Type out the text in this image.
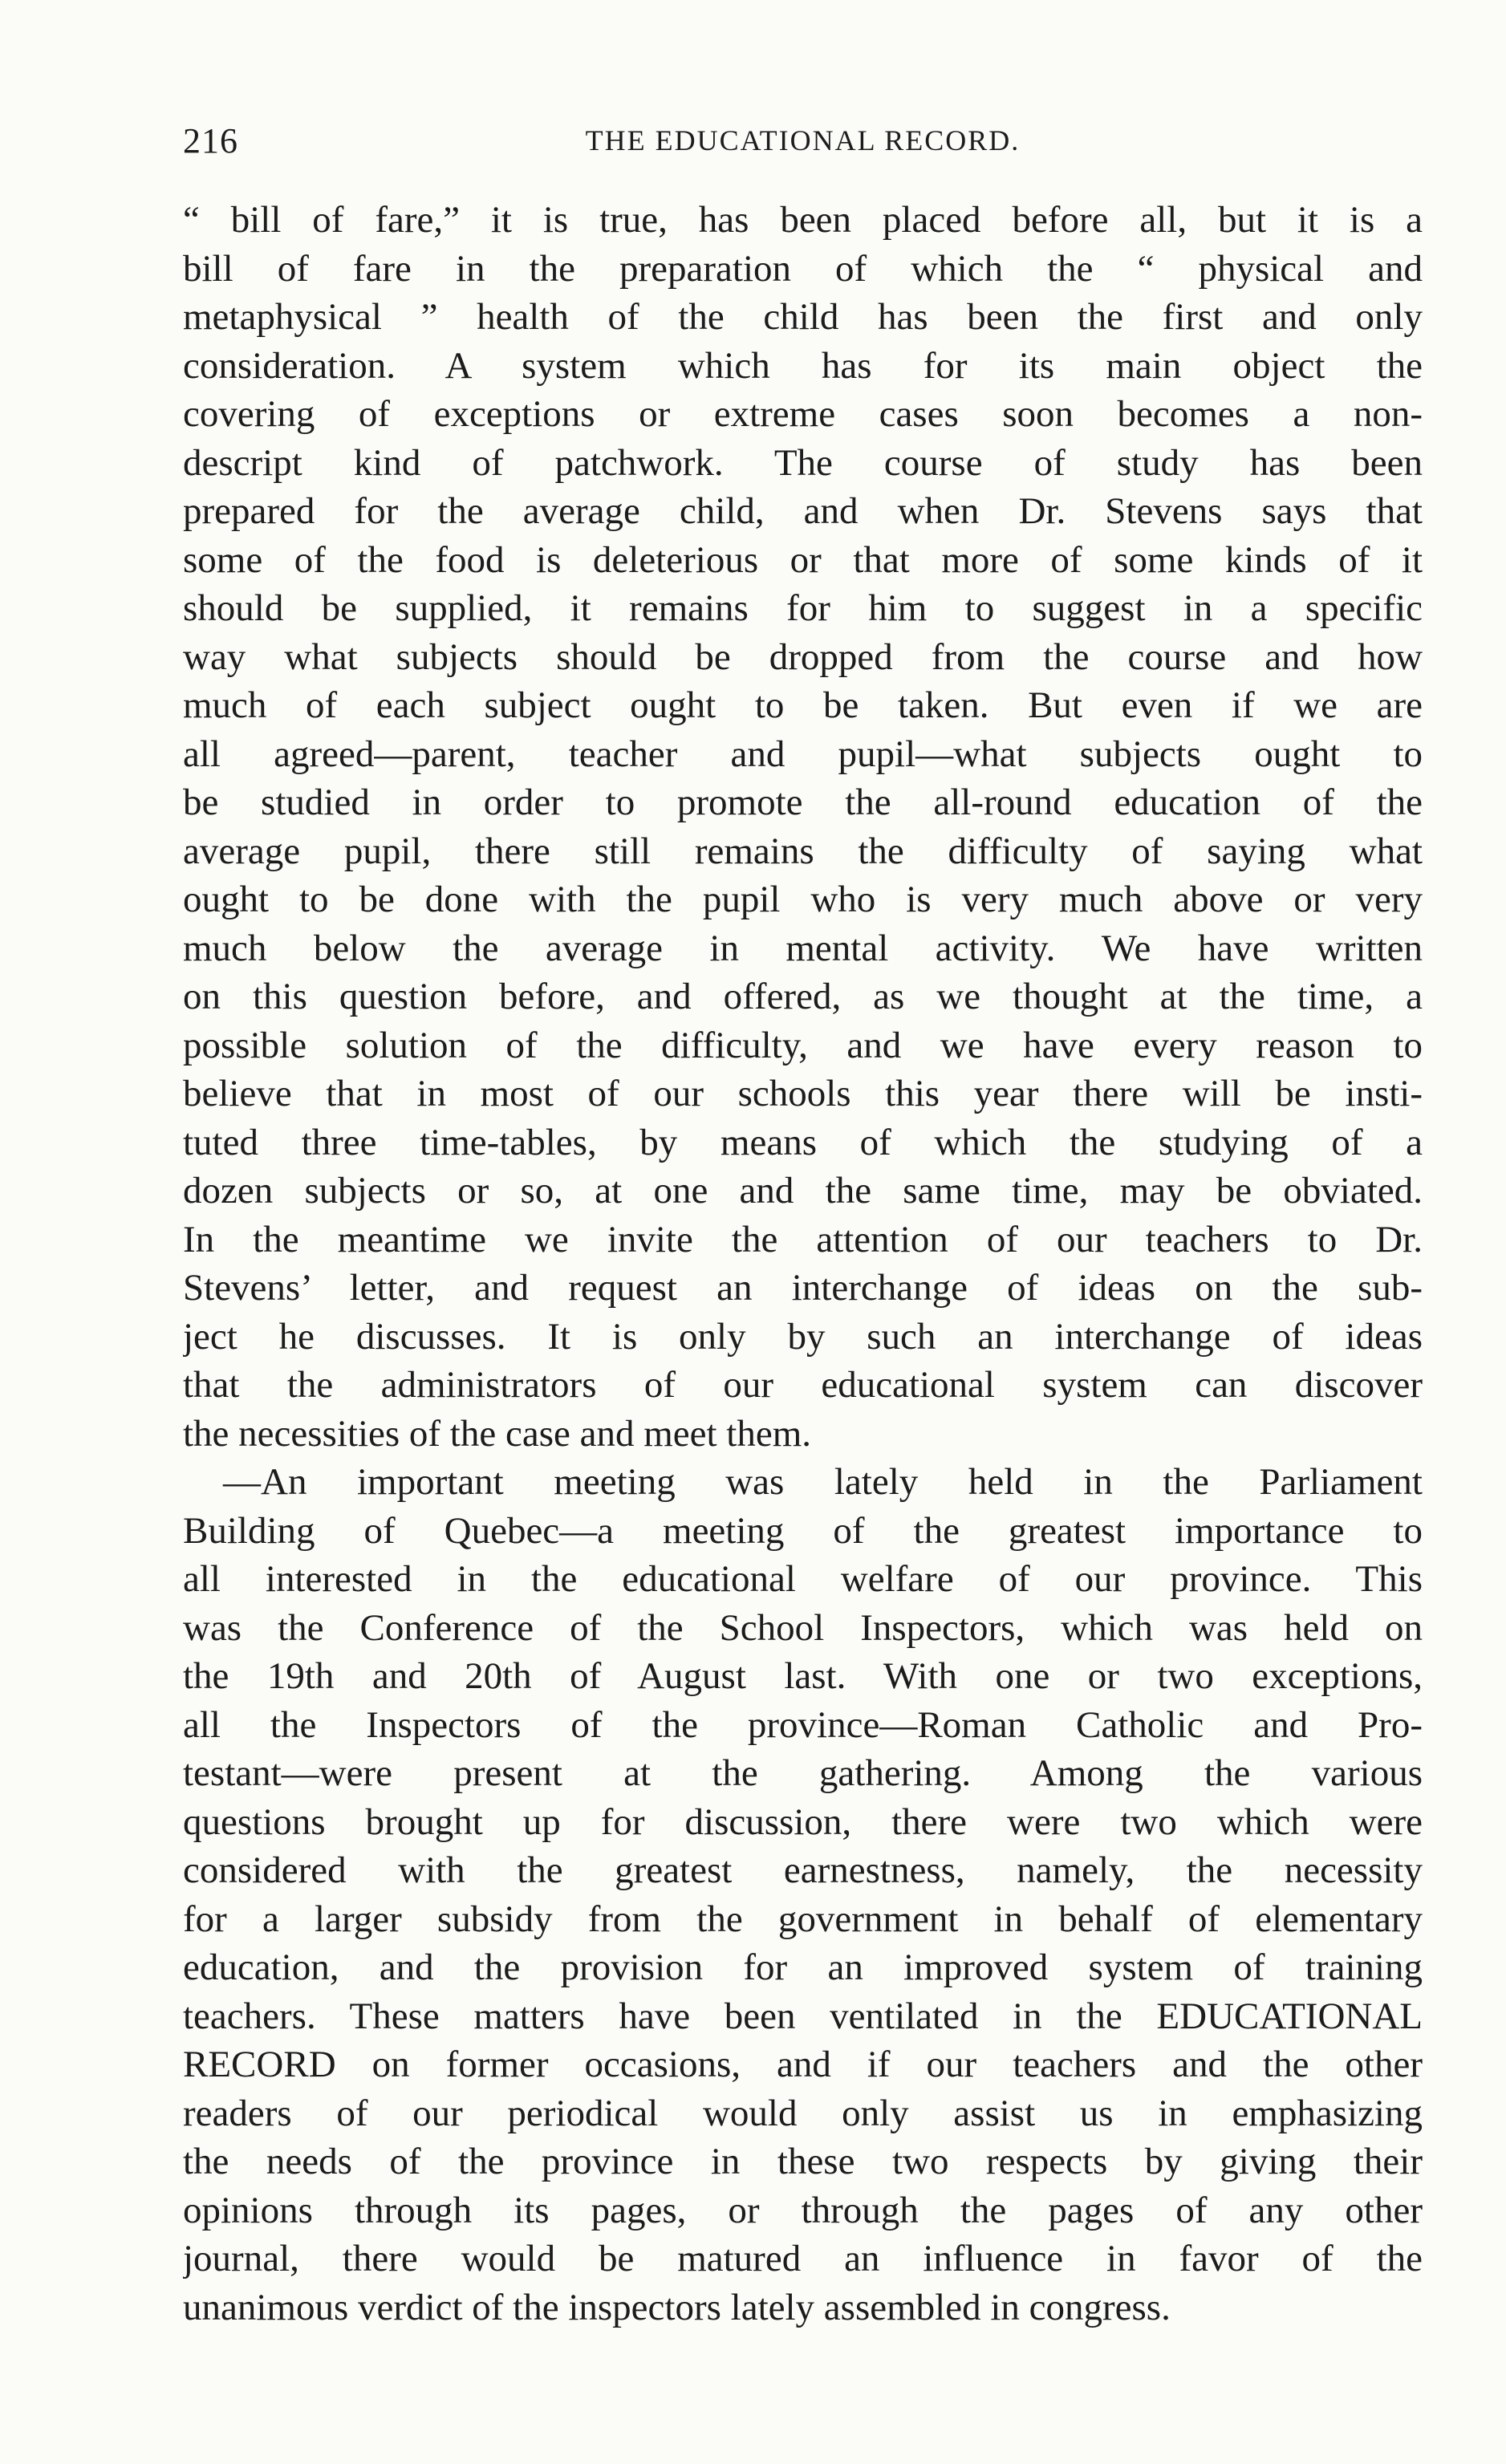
216	THE EDUCATIONAL RECORD.
“ bill of fare,” it is true, has been placed before all, but it is a
bill of fare in the preparation of which the “ physical and
metaphysical ” health of the child has been the first and only
consideration. A system which has for its main object the
covering of exceptions or extreme cases soon becomes a non-
descript kind of patchwork. The course of study has been
prepared for the average child, and when Dr. Stevens says that
some of the food is deleterious or that more of some kinds of it
should be supplied, it remains for him to suggest in a specific
way what subjects should be dropped from the course and how
much of each subject ought to be taken. But even if we are
all agreed—parent, teacher and pupil—what subjects ought to
be studied in order to promote the all-round education of the
average pupil, there still remains the difficulty of saying what
ought to be done with the pupil who is very much above or very
much below the average in mental activity. We have written
on this question before, and offered, as we thought at the time, a
possible solution of the difficulty, and we have every reason to
believe that in most of our schools this year there will be insti-
tuted three time-tables, by means of which the studying of a
dozen subjects or so, at one and the same time, may be obviated.
In the meantime we invite the attention of our teachers to Dr.
Stevens’ letter, and request an interchange of ideas on the sub-
ject he discusses. It is only by such an interchange of ideas
that the administrators of our educational system can discover
the necessities of the case and meet them.
—An important meeting was lately held in the Parliament
Building of Quebec—a meeting of the greatest importance to
all interested in the educational welfare of our province. This
was the Conference of the School Inspectors, which was held on
the 19th and 20th of August last. With one or two exceptions,
all the Inspectors of the province—Roman Catholic and Pro-
testant—were present at the gathering. Among the various
questions brought up for discussion, there were two which were
considered with the greatest earnestness, namely, the necessity
for a larger subsidy from the government in behalf of elementary
education, and the provision for an improved system of training
teachers. These matters have been ventilated in the EDUCATIONAL
RECORD on former occasions, and if our teachers and the other
readers of our periodical would only assist us in emphasizing
the needs of the province in these two respects by giving their
opinions through its pages, or through the pages of any other
journal, there would be matured an influence in favor of the
unanimous verdict of the inspectors lately assembled in congress.
